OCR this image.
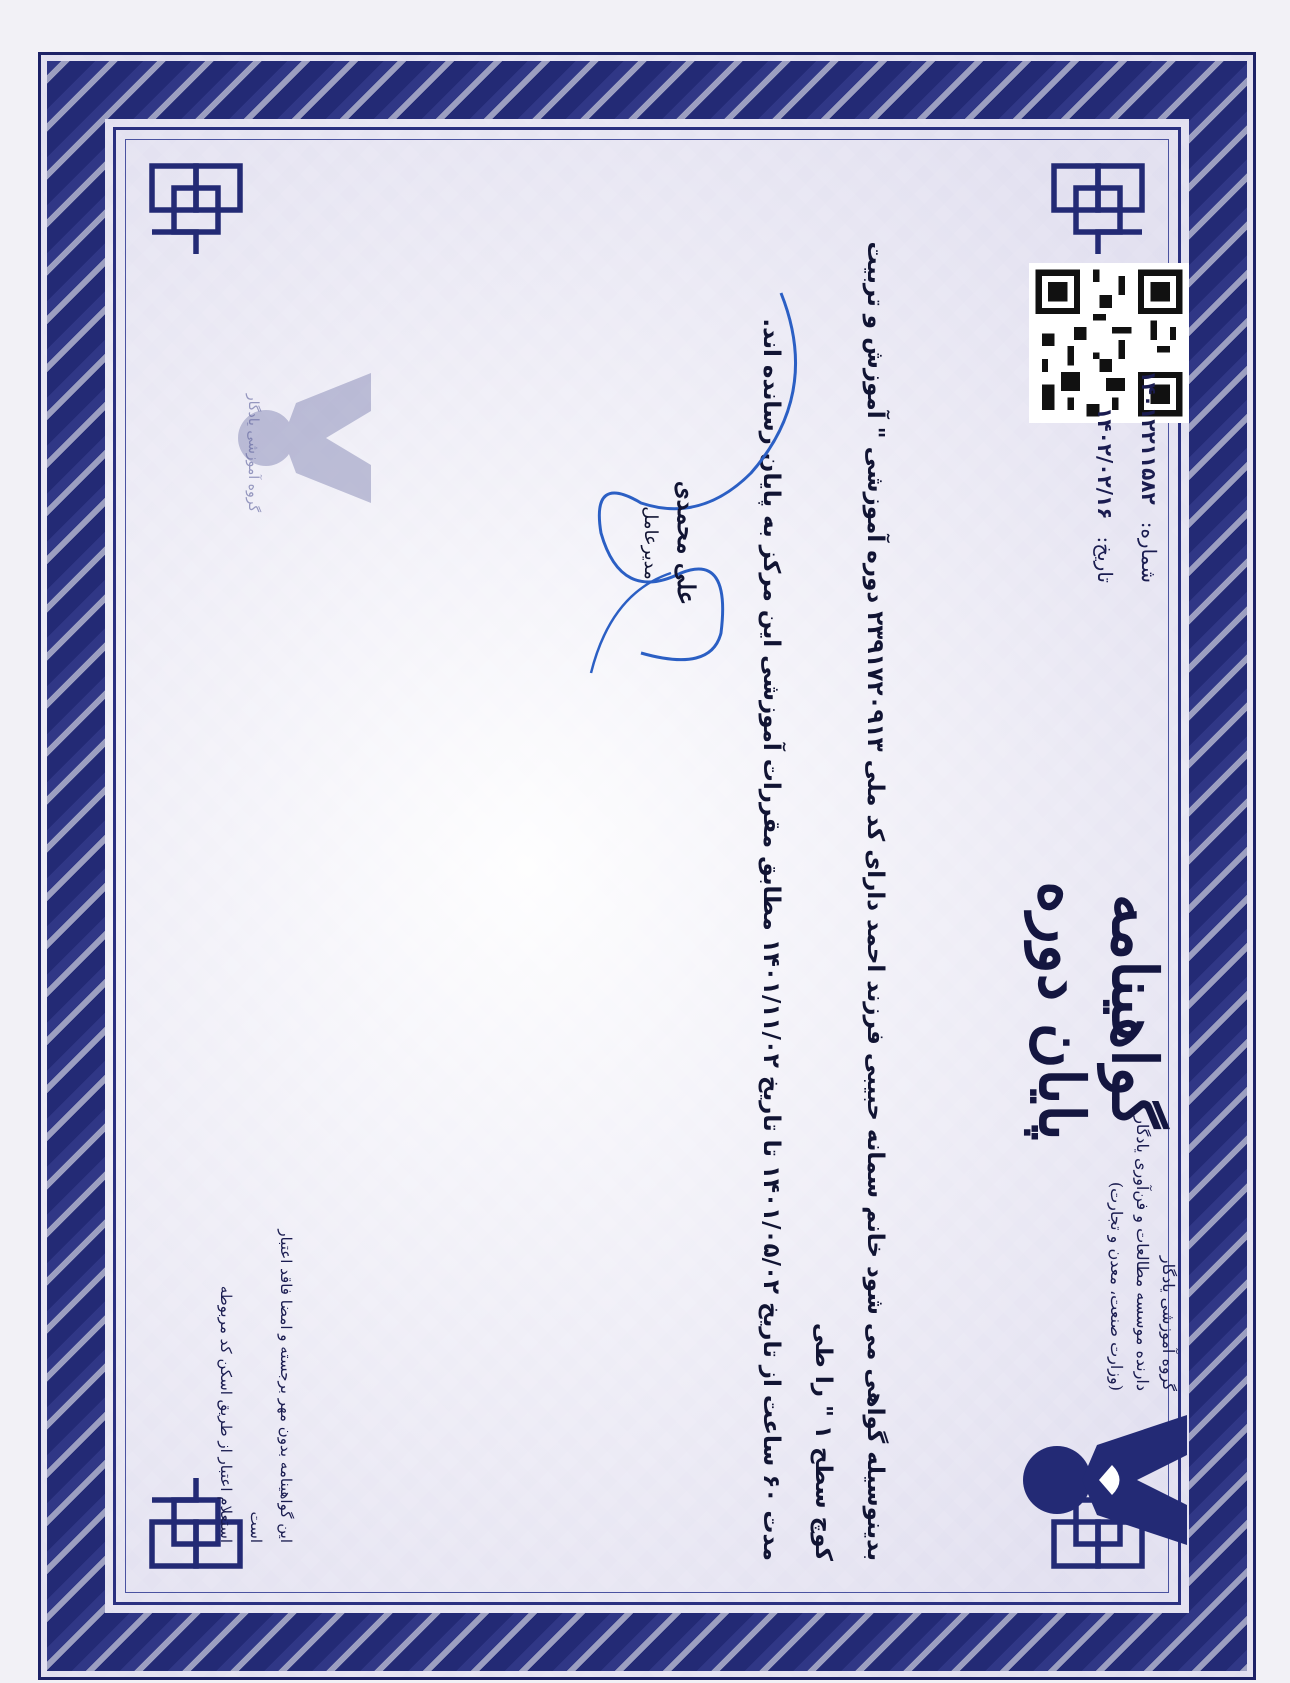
گروه آموزشی یادگار
دارنده موسسه مطالعات و فن‌آوری یادگار
(وزارت صنعت، معدن و تجارت)
گواهینامه پایان دوره
شماره: ۱۴۰۱۲۲۱۱۵۸۲
تاریخ: ۱۴۰۲/۰۲/۱۶
بدینوسیله گواهی می شود خانم سمانه حبیبی فرزند احمد دارای کد ملی ۲۳۹۱۷۲۰۹۱۳ دوره آموزشی " آموزش و تربیت کوچ سطح ۱ " را طی
مدت ۶۰ ساعت از تاریخ ۱۴۰۱/۰۵/۰۲ تا تاریخ ۱۴۰۱/۱۱/۰۲ مطابق مقررات آموزشی این مرکز به پایان رسانده اند.
علی محمدی
مدیرعامل
گروه آموزشی یادگار
این گواهینامه بدون مهر برجسته و امضا فاقد اعتبار است
استعلام اعتبار از طریق اسکن کد مربوطه
